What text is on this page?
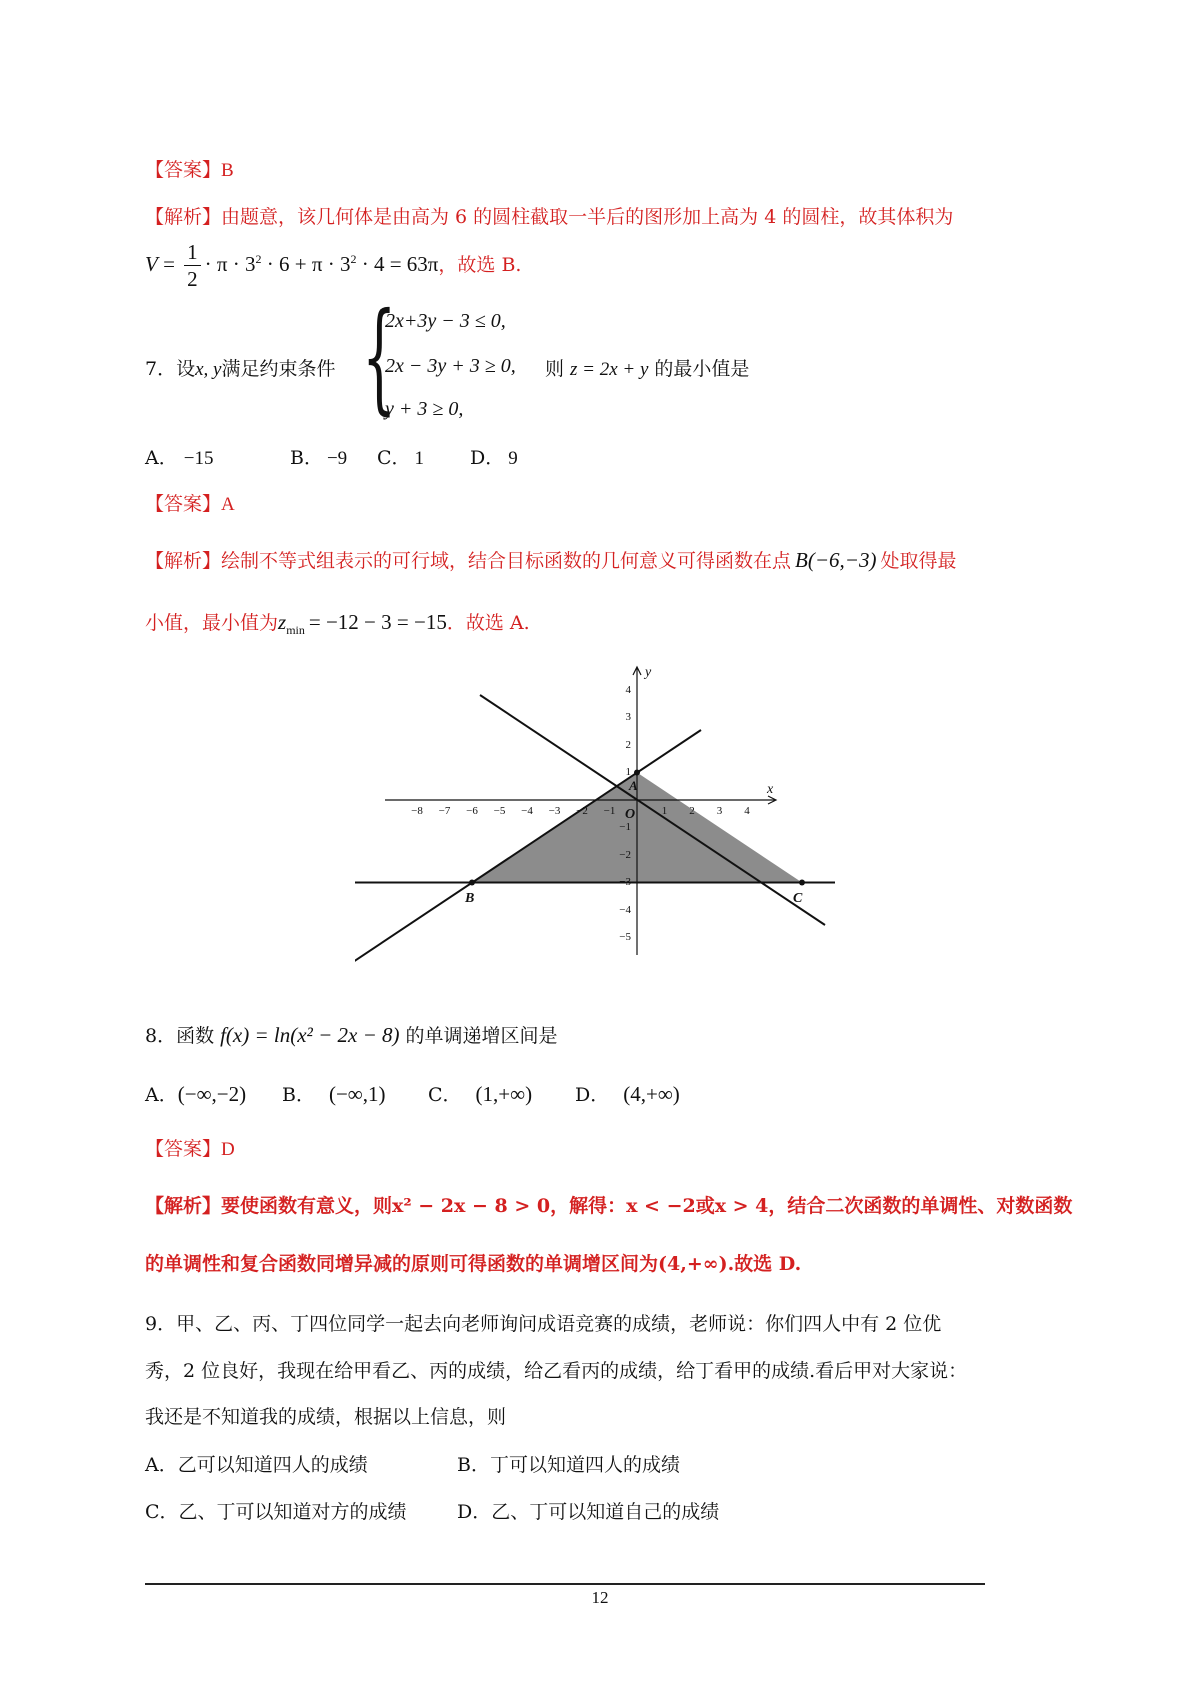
【答案】B
【解析】由题意，该几何体是由高为 6 的圆柱截取一半后的图形加上高为 4 的圆柱，故其体积为
$V = \frac{1}{2} \cdot \pi \cdot 3^2 \cdot 6 + \pi \cdot 3^2 \cdot 4 = 63\pi$，故选 B.
7．设x, y满足约束条件 {
2x+3y − 3 ≤ 0,
2x − 3y + 3 ≥ 0,
y + 3 ≥ 0,
则 z = 2x + y 的最小值是
A． −15	B． −9 C． 1 D． 9
【答案】A
【解析】绘制不等式组表示的可行域，结合目标函数的几何意义可得函数在点 B(−6,−3) 处取得最
小值，最小值为$z_{min} = -12 - 3 = -15$．故选 A.
−8 −7 −6 −5 −4 −3 −2 −1	1 2 3 4
4
3
2
1
−1
−2
−3
−4
−5
x
y
O
A
B	C
8．函数 f(x) = ln(x² − 2x − 8) 的单调递增区间是
A．(−∞,−2) B． (−∞,1) C． (1,+∞) D． (4,+∞)
【答案】D
【解析】要使函数有意义，则x² − 2x − 8 > 0，解得：x < −2或x > 4，结合二次函数的单调性、对数函数
的单调性和复合函数同增异减的原则可得函数的单调增区间为(4,+∞).故选 D.
9．甲、乙、丙、丁四位同学一起去向老师询问成语竞赛的成绩，老师说：你们四人中有 2 位优
秀，2 位良好，我现在给甲看乙、丙的成绩，给乙看丙的成绩，给丁看甲的成绩.看后甲对大家说：
我还是不知道我的成绩，根据以上信息，则
A．乙可以知道四人的成绩	B．丁可以知道四人的成绩
C．乙、丁可以知道对方的成绩	D．乙、丁可以知道自己的成绩
12
